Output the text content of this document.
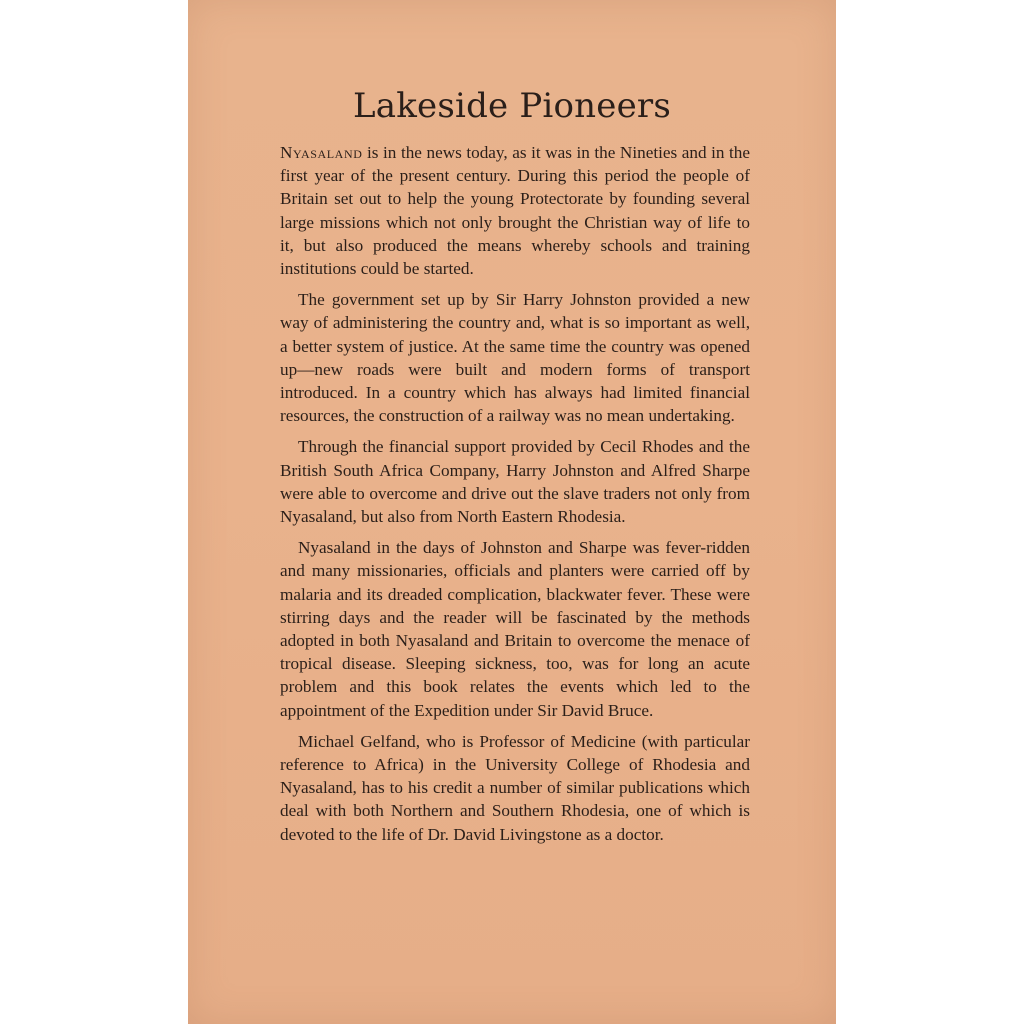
Lakeside Pioneers

Nyasaland is in the news today, as it was in the Nineties and in the first year of the present century. During this period the people of Britain set out to help the young Protectorate by founding several large missions which not only brought the Christian way of life to it, but also produced the means whereby schools and training institutions could be started.

The government set up by Sir Harry Johnston provided a new way of administering the country and, what is so important as well, a better system of justice. At the same time the country was opened up—new roads were built and modern forms of transport introduced. In a country which has always had limited financial resources, the construction of a railway was no mean undertaking.

Through the financial support provided by Cecil Rhodes and the British South Africa Company, Harry Johnston and Alfred Sharpe were able to overcome and drive out the slave traders not only from Nyasaland, but also from North Eastern Rhodesia.

Nyasaland in the days of Johnston and Sharpe was fever-ridden and many missionaries, officials and planters were carried off by malaria and its dreaded complication, blackwater fever. These were stirring days and the reader will be fascinated by the methods adopted in both Nyasaland and Britain to overcome the menace of tropical disease. Sleeping sickness, too, was for long an acute problem and this book relates the events which led to the appointment of the Expedition under Sir David Bruce.

Michael Gelfand, who is Professor of Medicine (with particular reference to Africa) in the University College of Rhodesia and Nyasaland, has to his credit a number of similar publications which deal with both Northern and Southern Rhodesia, one of which is devoted to the life of Dr. David Livingstone as a doctor.
